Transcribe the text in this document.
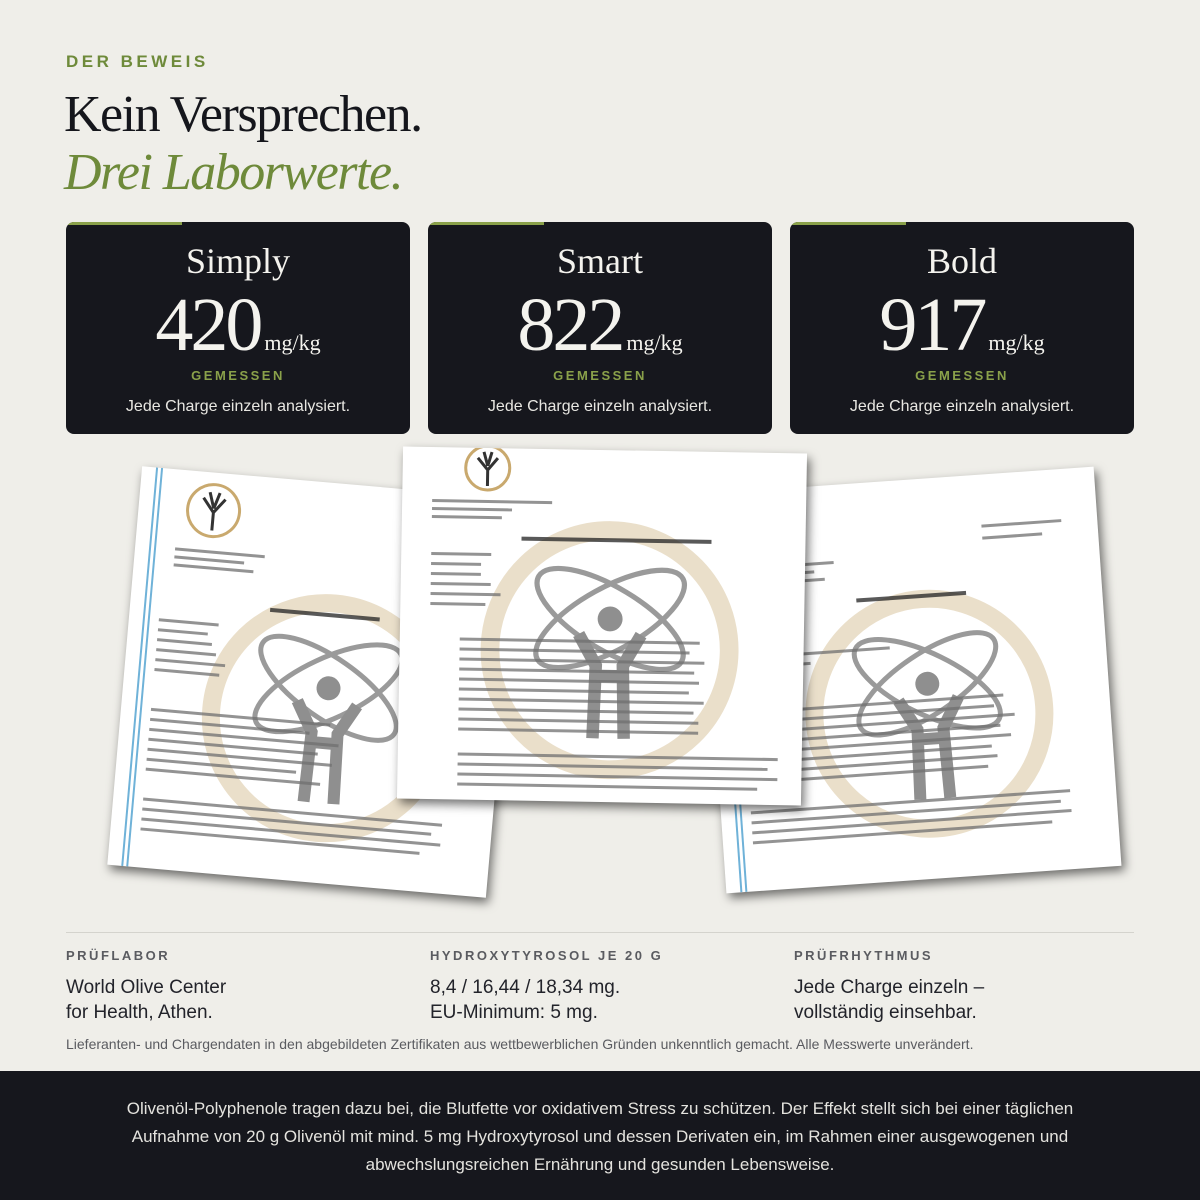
DER BEWEIS
Kein Versprechen.
Drei Laborwerte.
Simply
420 mg/kg
GEMESSEN
Jede Charge einzeln analysiert.
Smart
822 mg/kg
GEMESSEN
Jede Charge einzeln analysiert.
Bold
917 mg/kg
GEMESSEN
Jede Charge einzeln analysiert.
PRÜFLABOR
World Olive Center
for Health, Athen.
HYDROXYTYROSOL JE 20 G
8,4 / 16,44 / 18,34 mg.
EU-Minimum: 5 mg.
PRÜFRHYTHMUS
Jede Charge einzeln –
vollständig einsehbar.
Lieferanten- und Chargendaten in den abgebildeten Zertifikaten aus wettbewerblichen Gründen unkenntlich gemacht. Alle Messwerte unverändert.
Olivenöl-Polyphenole tragen dazu bei, die Blutfette vor oxidativem Stress zu schützen. Der Effekt stellt sich bei einer täglichen Aufnahme von 20 g Olivenöl mit mind. 5 mg Hydroxytyrosol und dessen Derivaten ein, im Rahmen einer ausgewogenen und abwechslungsreichen Ernährung und gesunden Lebensweise.
